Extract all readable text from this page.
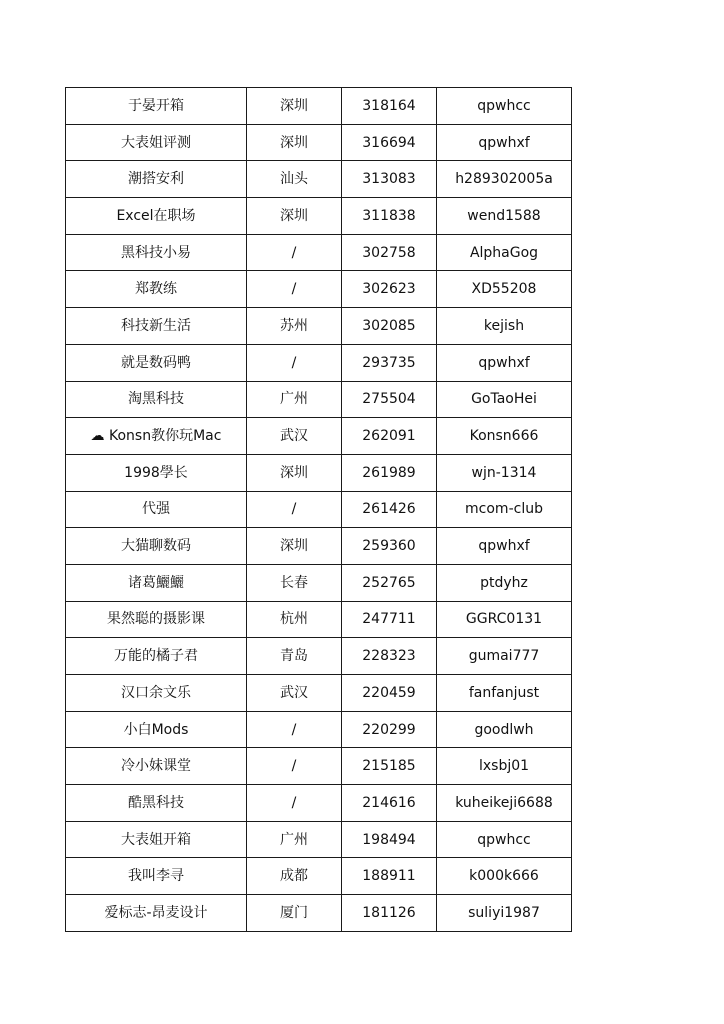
于晏开箱	深圳	318164	qpwhcc
大表姐评测	深圳	316694	qpwhxf
潮搭安利	汕头	313083	h289302005a
Excel在职场	深圳	311838	wend1588
黑科技小易	/	302758	AlphaGog
郑教练	/	302623	XD55208
科技新生活	苏州	302085	kejish
就是数码鸭	/	293735	qpwhxf
淘黑科技	广州	275504	GoTaoHei
☁ Konsn教你玩Mac	武汉	262091	Konsn666
1998學长	深圳	261989	wjn-1314
代强	/	261426	mcom-club
大猫聊数码	深圳	259360	qpwhxf
诸葛鱺鱺	长春	252765	ptdyhz
果然聪的摄影课	杭州	247711	GGRC0131
万能的橘子君	青岛	228323	gumai777
汉口余文乐	武汉	220459	fanfanjust
小白Mods	/	220299	goodlwh
冷小妹课堂	/	215185	lxsbj01
酷黑科技	/	214616	kuheikeji6688
大表姐开箱	广州	198494	qpwhcc
我叫李寻	成都	188911	k000k666
爱标志-昂麦设计	厦门	181126	suliyi1987
